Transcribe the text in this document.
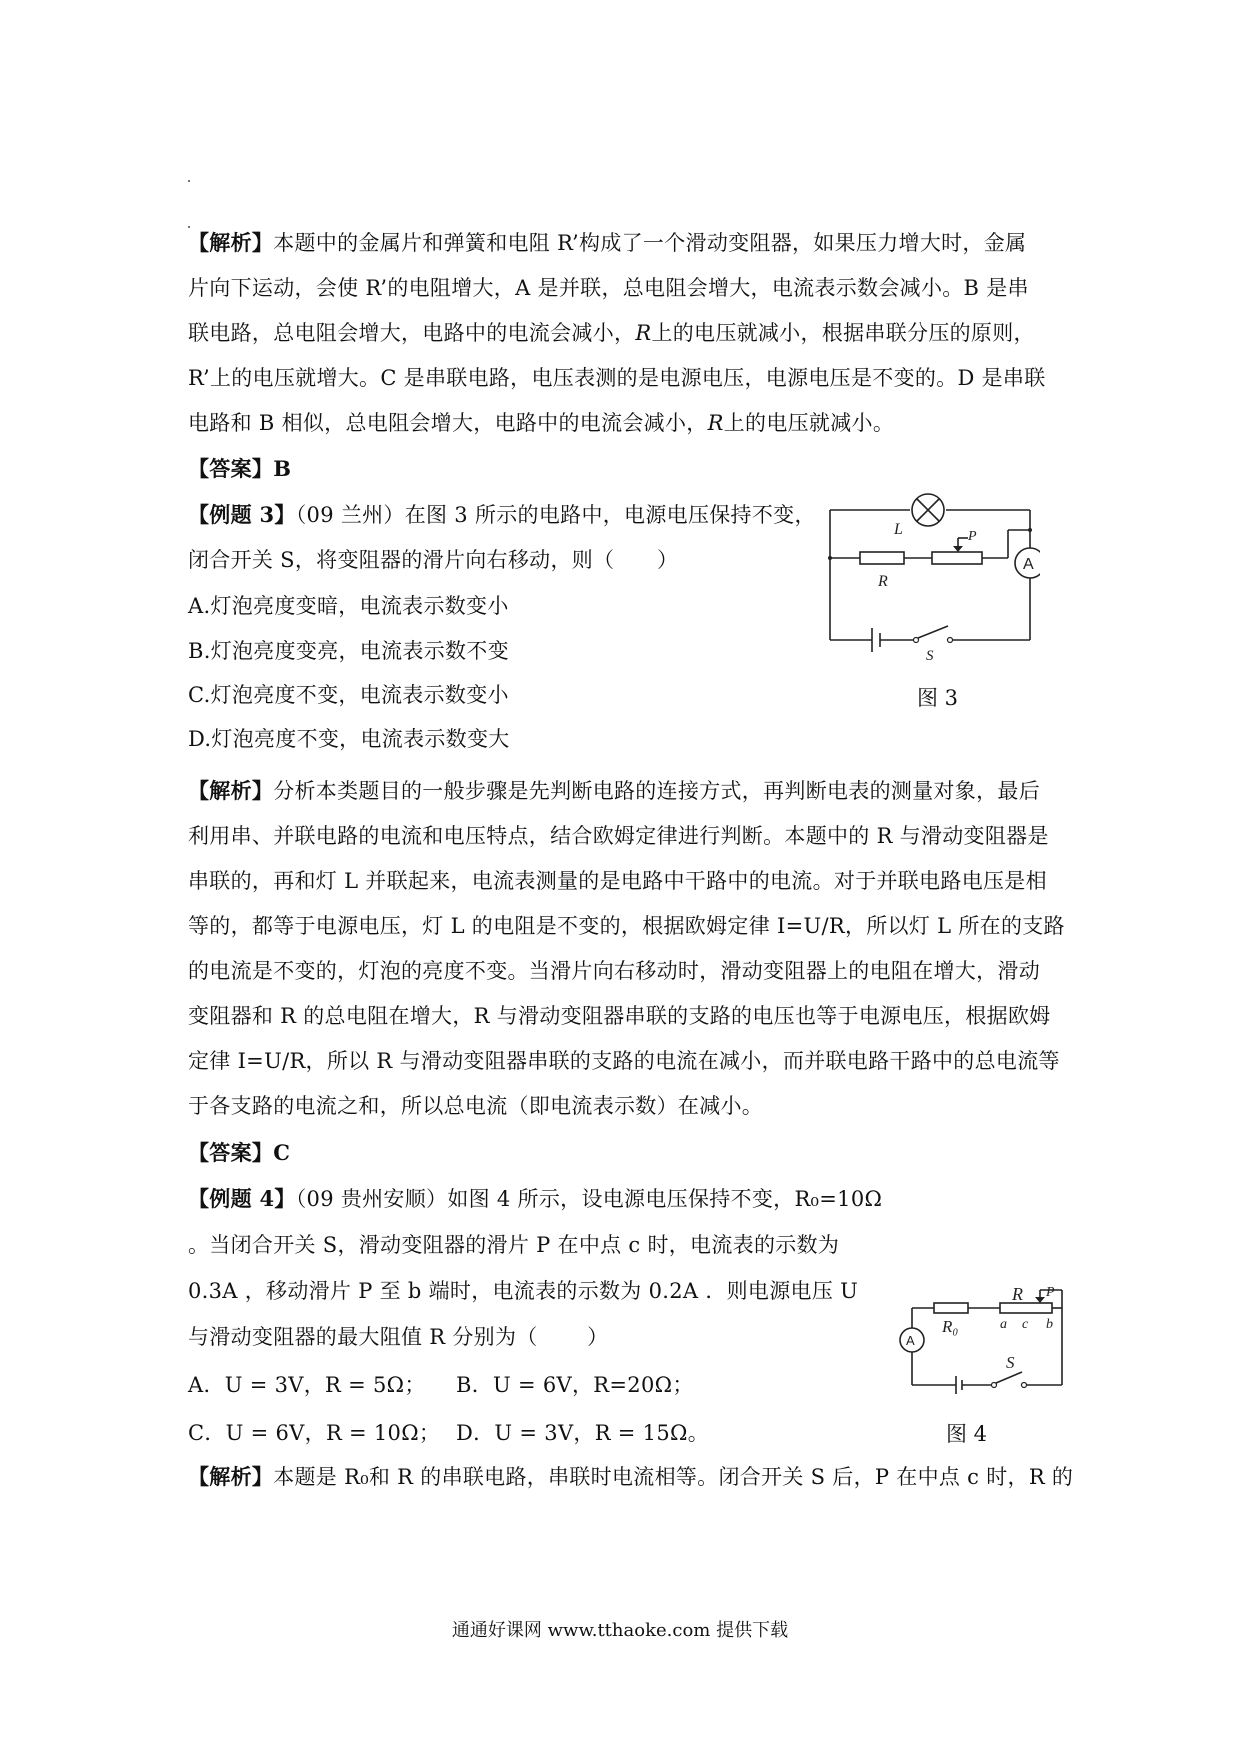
【解析】本题中的金属片和弹簧和电阻 R’构成了一个滑动变阻器，如果压力增大时，金属
片向下运动，会使 R’的电阻增大，A 是并联，总电阻会增大，电流表示数会减小。B 是串
联电路，总电阻会增大，电路中的电流会减小，R上的电压就减小，根据串联分压的原则，
R’上的电压就增大。C 是串联电路，电压表测的是电源电压，电源电压是不变的。D 是串联
电路和 B 相似，总电阻会增大，电路中的电流会减小，R上的电压就减小。
【答案】B
【例题 3】（09 兰州）在图 3 所示的电路中，电源电压保持不变，
闭合开关 S，将变阻器的滑片向右移动，则（　　）
A.灯泡亮度变暗，电流表示数变小
B.灯泡亮度变亮，电流表示数不变
C.灯泡亮度不变，电流表示数变小
D.灯泡亮度不变，电流表示数变大
L
R
P
A
S
图 3
【解析】分析本类题目的一般步骤是先判断电路的连接方式，再判断电表的测量对象，最后
利用串、并联电路的电流和电压特点，结合欧姆定律进行判断。本题中的 R 与滑动变阻器是
串联的，再和灯 L 并联起来，电流表测量的是电路中干路中的电流。对于并联电路电压是相
等的，都等于电源电压，灯 L 的电阻是不变的，根据欧姆定律 I=U/R，所以灯 L 所在的支路
的电流是不变的，灯泡的亮度不变。当滑片向右移动时，滑动变阻器上的电阻在增大，滑动
变阻器和 R 的总电阻在增大，R 与滑动变阻器串联的支路的电压也等于电源电压，根据欧姆
定律 I=U/R，所以 R 与滑动变阻器串联的支路的电流在减小，而并联电路干路中的总电流等
于各支路的电流之和，所以总电流（即电流表示数）在减小。
【答案】C
【例题 4】（09 贵州安顺）如图 4 所示，设电源电压保持不变，R₀=10Ω
。当闭合开关 S，滑动变阻器的滑片 P 在中点 c 时，电流表的示数为
0.3A ，移动滑片 P 至 b 端时，电流表的示数为 0.2A ．则电源电压 U
与滑动变阻器的最大阻值 R 分别为（　　 ）
A．U = 3V，R = 5Ω； B．U = 6V，R=20Ω；
C．U = 6V，R = 10Ω； D．U = 3V，R = 15Ω。
A
R₀
R P
a c b
S
图 4
【解析】本题是 R₀和 R 的串联电路，串联时电流相等。闭合开关 S 后，P 在中点 c 时，R 的
通通好课网 www.tthaoke.com 提供下载
